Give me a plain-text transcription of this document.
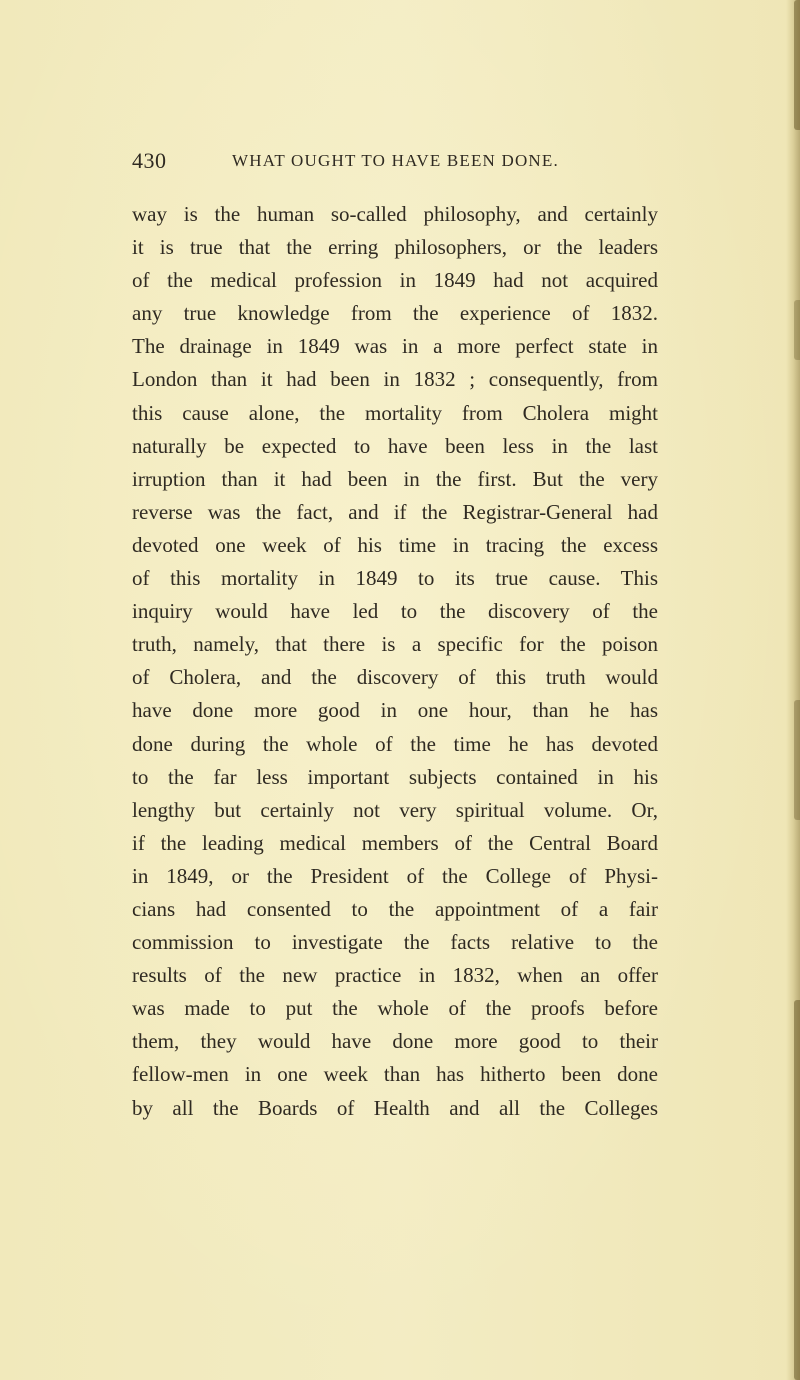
430	WHAT OUGHT TO HAVE BEEN DONE.
way is the human so-called philosophy, and certainly
it is true that the erring philosophers, or the leaders
of the medical profession in 1849 had not acquired
any true knowledge from the experience of 1832.
The drainage in 1849 was in a more perfect state in
London than it had been in 1832 ; consequently, from
this cause alone, the mortality from Cholera might
naturally be expected to have been less in the last
irruption than it had been in the first. But the very
reverse was the fact, and if the Registrar-General had
devoted one week of his time in tracing the excess
of this mortality in 1849 to its true cause. This
inquiry would have led to the discovery of the
truth, namely, that there is a specific for the poison
of Cholera, and the discovery of this truth would
have done more good in one hour, than he has
done during the whole of the time he has devoted
to the far less important subjects contained in his
lengthy but certainly not very spiritual volume. Or,
if the leading medical members of the Central Board
in 1849, or the President of the College of Physi-
cians had consented to the appointment of a fair
commission to investigate the facts relative to the
results of the new practice in 1832, when an offer
was made to put the whole of the proofs before
them, they would have done more good to their
fellow-men in one week than has hitherto been done
by all the Boards of Health and all the Colleges
